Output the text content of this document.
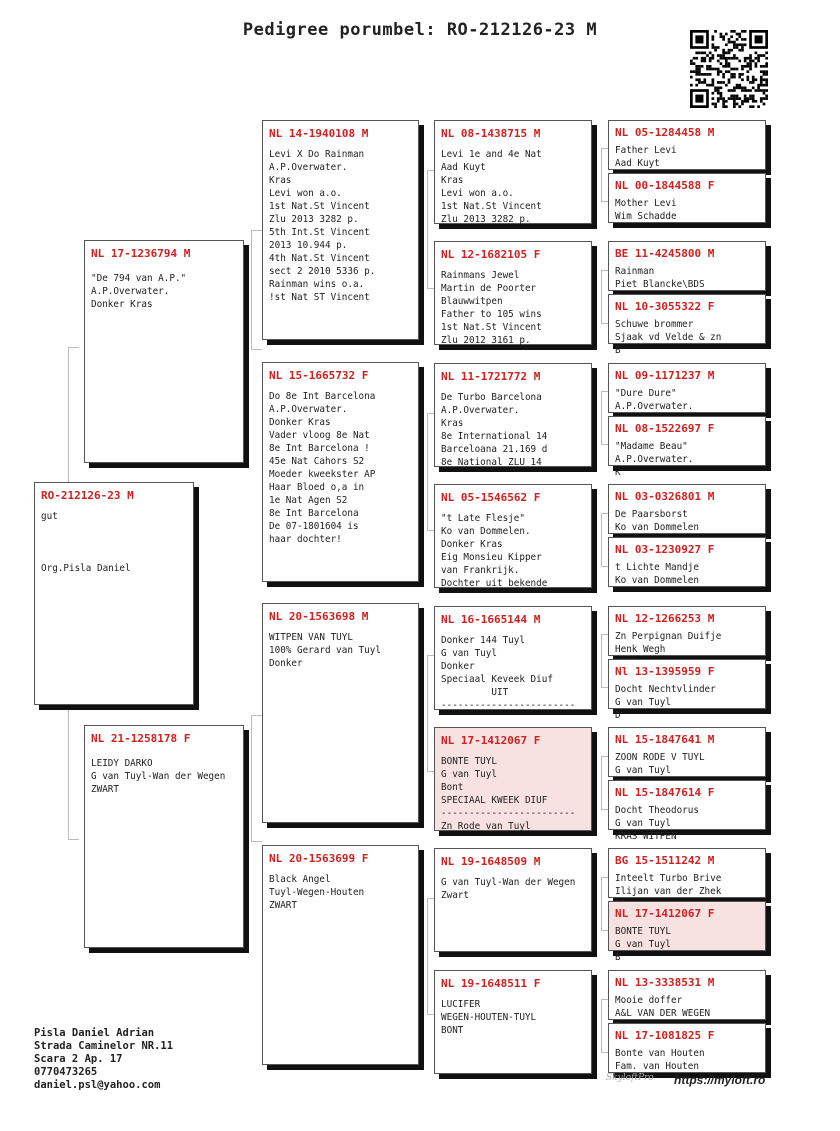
Pedigree porumbel: RO-212126-23 M
RO-212126-23 M
gut

Org.Pisla Daniel
NL 17-1236794 M
"De 794 van A.P."
A.P.Overwater.
Donker Kras
NL 21-1258178 F
LEIDY DARKO
G van Tuyl-Wan der Wegen
ZWART
NL 14-1940108 M
Levi X Do Rainman
A.P.Overwater.
Kras
Levi won a.o.
1st Nat.St Vincent
Zlu 2013 3282 p.
5th Int.St Vincent
2013 10.944 p.
4th Nat.St Vincent
sect 2 2010 5336 p.
Rainman wins o.a.
!st Nat ST Vincent
NL 15-1665732 F
Do 8e Int Barcelona
A.P.Overwater.
Donker Kras
Vader vloog 8e Nat
8e Int Barcelona !
45e Nat Cahors S2
Moeder kweekster AP
Haar Bloed o,a in
1e Nat Agen S2
8e Int Barcelona
De 07-1801604 is
haar dochter!
NL 20-1563698 M
WITPEN VAN TUYL
100% Gerard van Tuyl
Donker
NL 20-1563699 F
Black Angel
Tuyl-Wegen-Houten
ZWART
NL 08-1438715 M
Levi 1e and 4e Nat
Aad Kuyt
Kras
Levi won a.o.
1st Nat.St Vincent
Zlu 2013 3282 p.
NL 12-1682105 F
Rainmans Jewel
Martin de Poorter
Blauwwitpen
Father to 105 wins
1st Nat.St Vincent
Zlu 2012 3161 p.
NL 11-1721772 M
De Turbo Barcelona
A.P.Overwater.
Kras
8e International 14
Barceloana 21.169 d
8e National ZLU 14
NL 05-1546562 F
"t Late Flesje"
Ko van Dommelen.
Donker Kras
Eig Monsieu Kipper
van Frankrijk.
Dochter uit bekende
NL 16-1665144 M
Donker 144 Tuyl
G van Tuyl
Donker
Speciaal Keveek Diuf
UIT
------------------------
NL 17-1412067 F
BONTE TUYL
G van Tuyl
Bont
SPECIAAL KWEEK DIUF
------------------------
Zn Rode van Tuyl
NL 19-1648509 M
G van Tuyl-Wan der Wegen
Zwart
NL 19-1648511 F
LUCIFER
WEGEN-HOUTEN-TUYL
BONT
NL 05-1284458 M
Father Levi
Aad Kuyt
NL 00-1844588 F
Mother Levi
Wim Schadde
BE 11-4245800 M
Rainman
Piet Blancke\BDS
NL 10-3055322 F
Schuwe brommer
Sjaak vd Velde & zn
B
NL 09-1171237 M
"Dure Dure"
A.P.Overwater.
NL 08-1522697 F
"Madame Beau"
A.P.Overwater.
K
NL 03-0326801 M
De Paarsborst
Ko van Dommelen
NL 03-1230927 F
t Lichte Mandje
Ko van Dommelen
NL 12-1266253 M
Zn Perpignan Duifje
Henk Wegh
Nl 13-1395959 F
Docht Nechtvlinder
G van Tuyl
D
NL 15-1847641 M
ZOON RODE V TUYL
G van Tuyl
NL 15-1847614 F
Docht Theodorus
G van Tuyl
KRAS WITPEN
BG 15-1511242 M
Inteelt Turbo Brive
Ilijan van der Zhek
NL 17-1412067 F
BONTE TUYL
G van Tuyl
B
NL 13-3338531 M
Mooie doffer
A&L VAN DER WEGEN
NL 17-1081825 F
Bonte van Houten
Fam. van Houten
Pisla Daniel Adrian
Strada Caminelor NR.11
Scara 2 Ap. 17
0770473265
daniel.psl@yahoo.com
SkyloftPro https://myloft.ro
